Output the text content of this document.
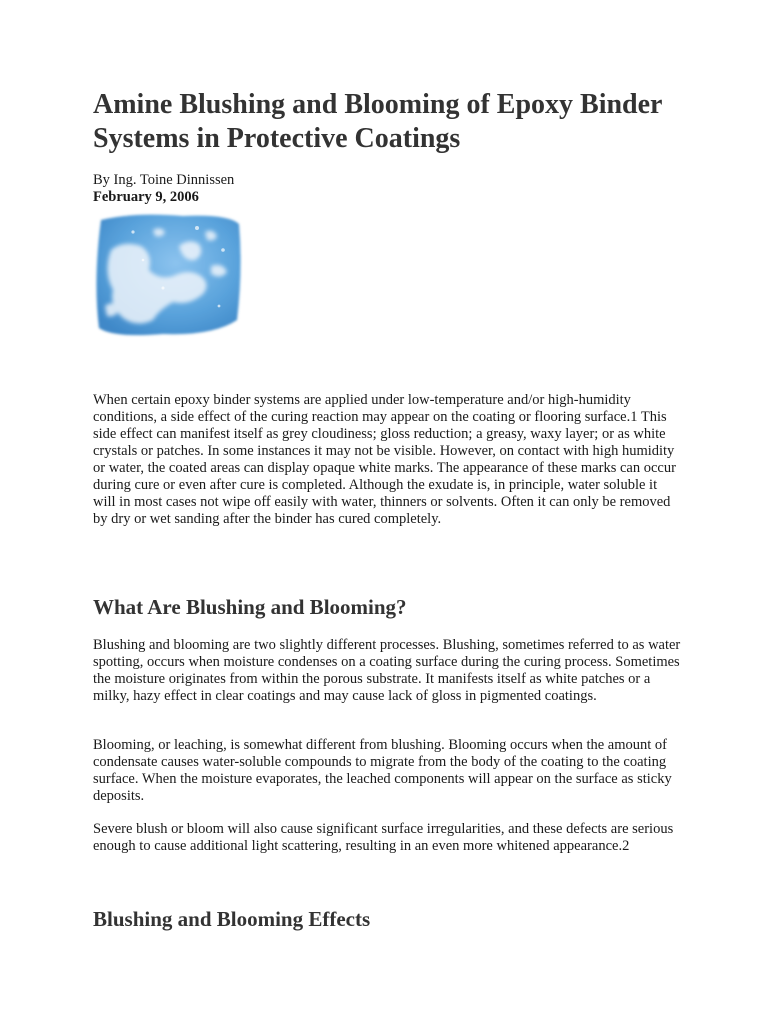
Amine Blushing and Blooming of Epoxy Binder Systems in Protective Coatings
By Ing. Toine Dinnissen
February 9, 2006

When certain epoxy binder systems are applied under low-temperature and/or high-humidity conditions, a side effect of the curing reaction may appear on the coating or flooring surface.1 This side effect can manifest itself as grey cloudiness; gloss reduction; a greasy, waxy layer; or as white crystals or patches. In some instances it may not be visible. However, on contact with high humidity or water, the coated areas can display opaque white marks. The appearance of these marks can occur during cure or even after cure is completed. Although the exudate is, in principle, water soluble it will in most cases not wipe off easily with water, thinners or solvents. Often it can only be removed by dry or wet sanding after the binder has cured completely.

What Are Blushing and Blooming?

Blushing and blooming are two slightly different processes. Blushing, sometimes referred to as water spotting, occurs when moisture condenses on a coating surface during the curing process. Sometimes the moisture originates from within the porous substrate. It manifests itself as white patches or a milky, hazy effect in clear coatings and may cause lack of gloss in pigmented coatings.

Blooming, or leaching, is somewhat different from blushing. Blooming occurs when the amount of condensate causes water-soluble compounds to migrate from the body of the coating to the coating surface. When the moisture evaporates, the leached components will appear on the surface as sticky deposits.

Severe blush or bloom will also cause significant surface irregularities, and these defects are serious enough to cause additional light scattering, resulting in an even more whitened appearance.2

Blushing and Blooming Effects
